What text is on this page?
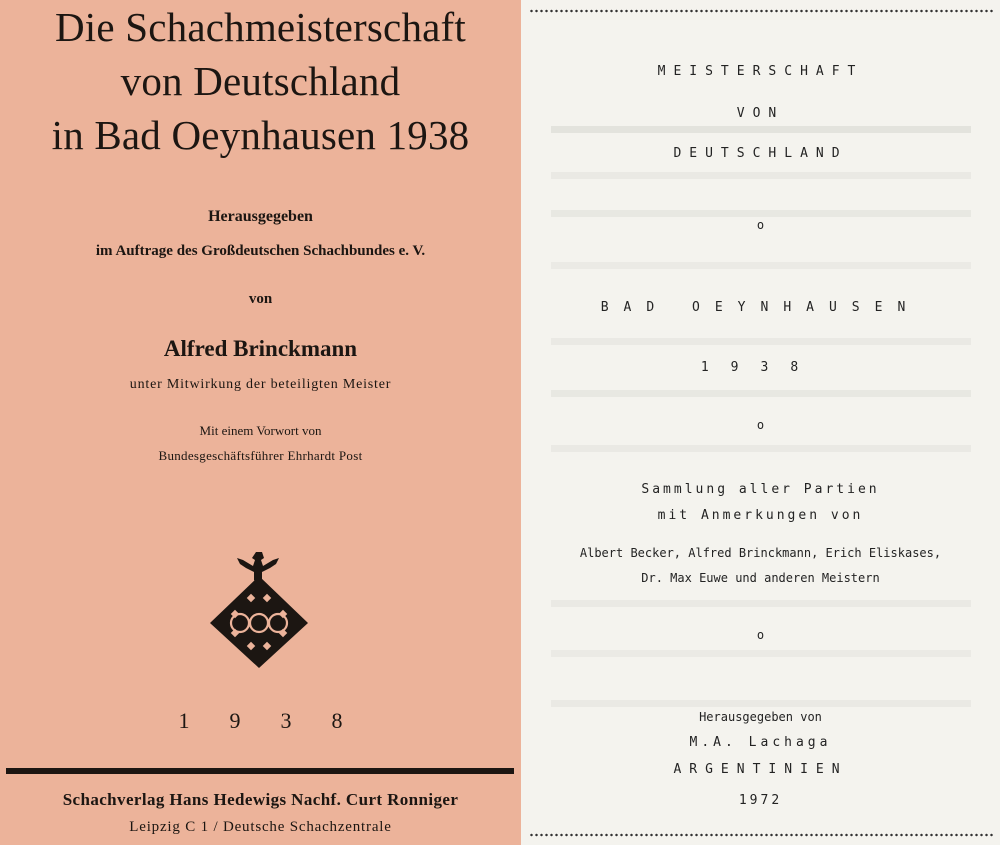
Die Schachmeisterschaft
von Deutschland
in Bad Oeynhausen 1938
Herausgegeben
im Auftrage des Großdeutschen Schachbundes e. V.
von
Alfred Brinckmann
unter Mitwirkung der beteiligten Meister
Mit einem Vorwort von
Bundesgeschäftsführer Ehrhardt Post
1938
Schachverlag Hans Hedewigs Nachf. Curt Ronniger
Leipzig C 1 / Deutsche Schachzentrale
MEISTERSCHAFT
VON
DEUTSCHLAND
o
BAD OEYNHAUSEN
1938
o
Sammlung aller Partien
mit Anmerkungen von
Albert Becker, Alfred Brinckmann, Erich Eliskases,
Dr. Max Euwe und anderen Meistern
o
Herausgegeben von
M.A. Lachaga
ARGENTINIEN
1972
